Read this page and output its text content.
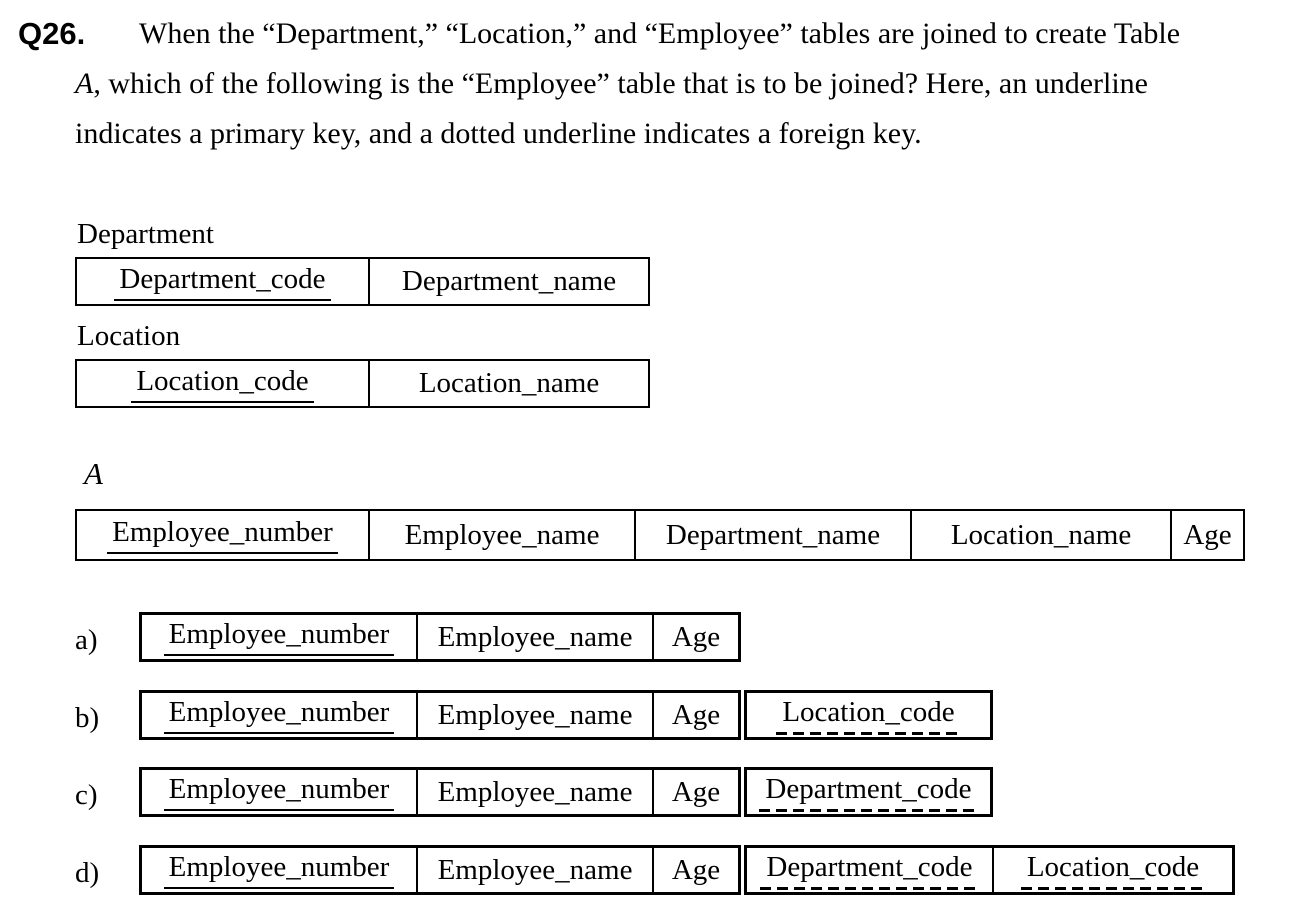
Q26. When the “Department,” “Location,” and “Employee” tables are joined to create Table
A, which of the following is the “Employee” table that is to be joined? Here, an underline
indicates a primary key, and a dotted underline indicates a foreign key.
Department
Department_code	Department_name
Location
Location_code	Location_name
A
Employee_number Employee_name Department_name Location_name Age
a) Employee_number Employee_name Age
b) Employee_number Employee_name Age Location_code
c) Employee_number Employee_name Age Department_code
d) Employee_number Employee_name Age Department_code Location_code
